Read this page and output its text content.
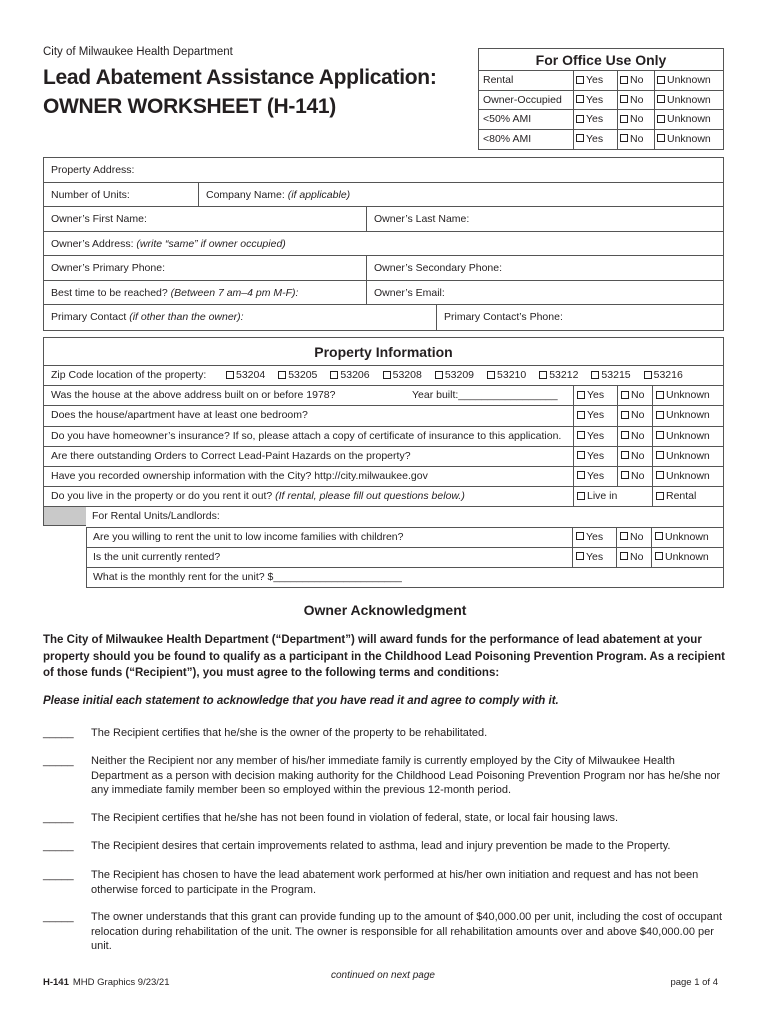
City of Milwaukee Health Department
Lead Abatement Assistance Application:
OWNER WORKSHEET (H-141)
For Office Use Only
Rental	Yes	No	Unknown
Owner-Occupied	Yes	No	Unknown
<50% AMI	Yes	No	Unknown
<80% AMI	Yes	No	Unknown
Property Address:
Number of Units:	Company Name: (if applicable)
Owner’s First Name:	Owner’s Last Name:
Owner’s Address: (write “same” if owner occupied)
Owner’s Primary Phone:	Owner’s Secondary Phone:
Best time to be reached? (Between 7 am–4 pm M-F):	Owner’s Email:
Primary Contact (if other than the owner):	Primary Contact’s Phone:
Property Information
Zip Code location of the property:	53204	53205	53206	53208	53209	53210	53212	53215	53216
Was the house at the above address built on or before 1978?	Year built:_________________	Yes	No	Unknown
Does the house/apartment have at least one bedroom?	Yes	No	Unknown
Do you have homeowner’s insurance? If so, please attach a copy of certificate of insurance to this application.	Yes	No	Unknown
Are there outstanding Orders to Correct Lead-Paint Hazards on the property?	Yes	No	Unknown
Have you recorded ownership information with the City? http://city.milwaukee.gov	Yes	No	Unknown
Do you live in the property or do you rent it out? (If rental, please fill out questions below.)	Live in	Rental
For Rental Units/Landlords:
Are you willing to rent the unit to low income families with children?	Yes	No	Unknown
Is the unit currently rented?	Yes	No	Unknown
What is the monthly rent for the unit? $______________________
Owner Acknowledgment
The City of Milwaukee Health Department (“Department”) will award funds for the performance of lead abatement at your property should you be found to qualify as a participant in the Childhood Lead Poisoning Prevention Program. As a recipient of those funds (“Recipient”), you must agree to the following terms and conditions:
Please initial each statement to acknowledge that you have read it and agree to comply with it.
_____	The Recipient certifies that he/she is the owner of the property to be rehabilitated.
_____	Neither the Recipient nor any member of his/her immediate family is currently employed by the City of Milwaukee Health Department as a person with decision making authority for the Childhood Lead Poisoning Prevention Program nor has he/she nor any immediate family member been so employed within the previous 12-month period.
_____	The Recipient certifies that he/she has not been found in violation of federal, state, or local fair housing laws.
_____	The Recipient desires that certain improvements related to asthma, lead and injury prevention be made to the Property.
_____	The Recipient has chosen to have the lead abatement work performed at his/her own initiation and request and has not been otherwise forced to participate in the Program.
_____	The owner understands that this grant can provide funding up to the amount of $40,000.00 per unit, including the cost of occupant relocation during rehabilitation of the unit. The owner is responsible for all rehabilitation amounts over and above $40,000.00 per unit.
H-141 MHD Graphics 9/23/21
continued on next page
page 1 of 4
